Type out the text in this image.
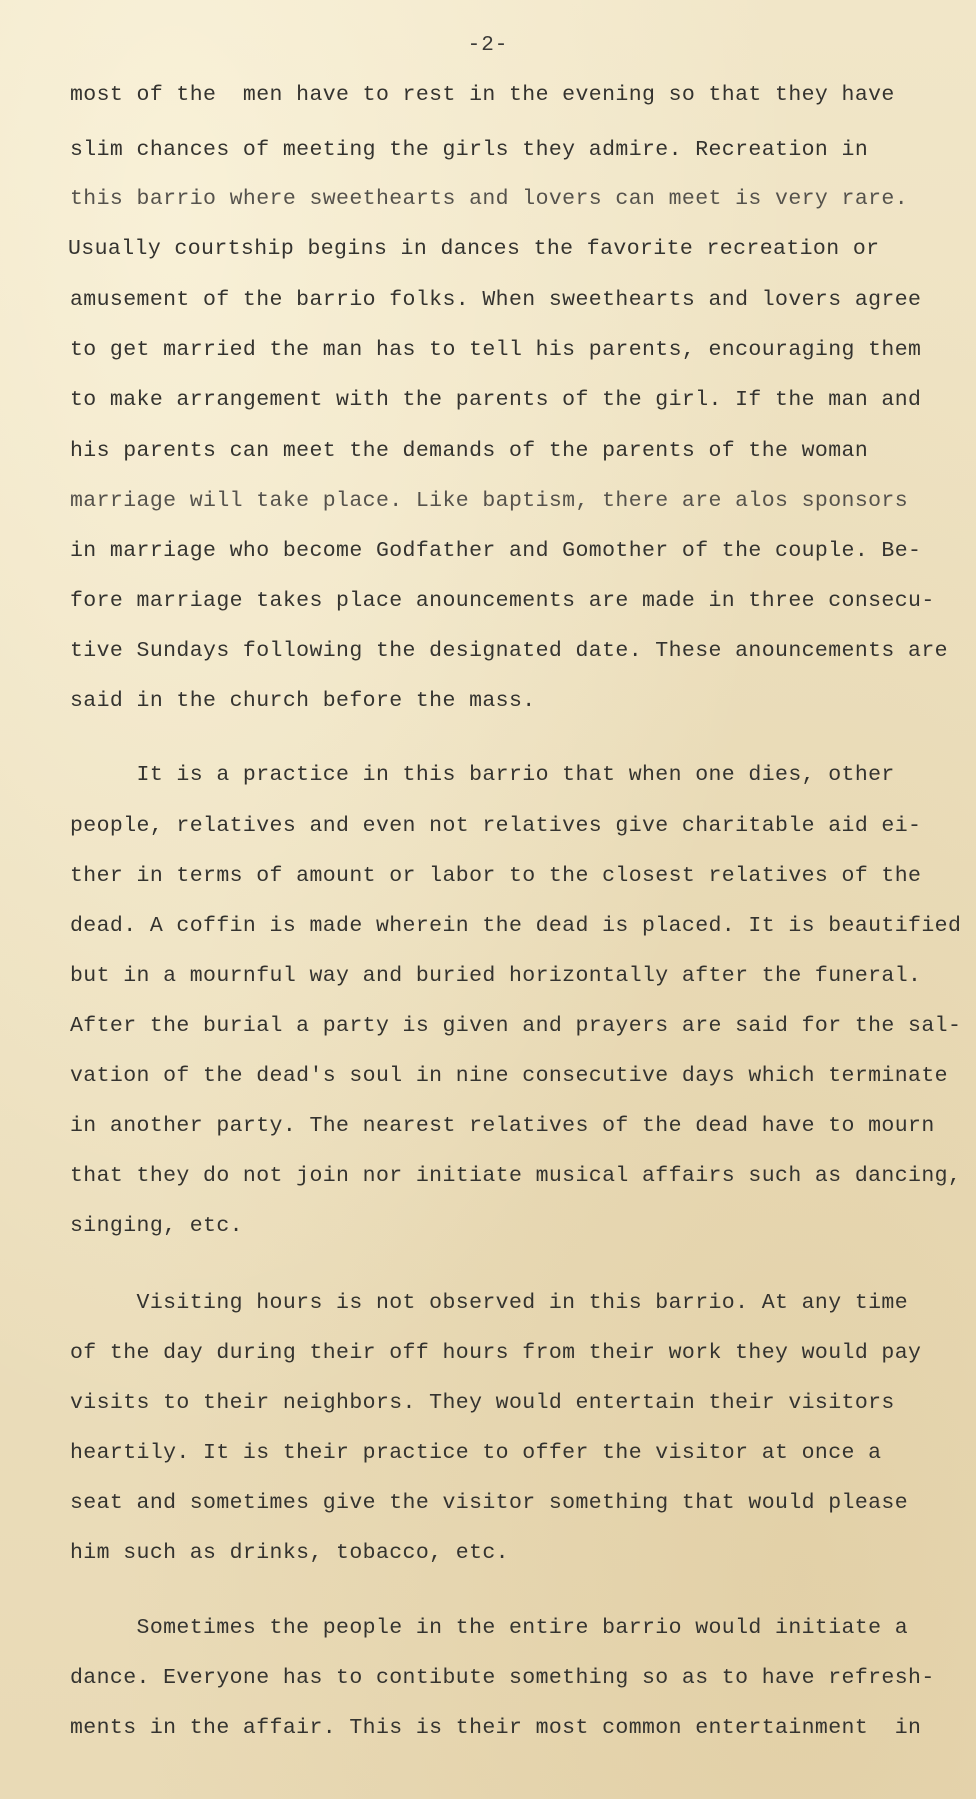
-2-
most of the  men have to rest in the evening so that they have
slim chances of meeting the girls they admire. Recreation in
this barrio where sweethearts and lovers can meet is very rare.
Usually courtship begins in dances the favorite recreation or
amusement of the barrio folks. When sweethearts and lovers agree
to get married the man has to tell his parents, encouraging them
to make arrangement with the parents of the girl. If the man and
his parents can meet the demands of the parents of the woman
marriage will take place. Like baptism, there are alos sponsors
in marriage who become Godfather and Gomother of the couple. Be-
fore marriage takes place anouncements are made in three consecu-
tive Sundays following the designated date. These anouncements are
said in the church before the mass.
It is a practice in this barrio that when one dies, other
people, relatives and even not relatives give charitable aid ei-
ther in terms of amount or labor to the closest relatives of the
dead. A coffin is made wherein the dead is placed. It is beautified
but in a mournful way and buried horizontally after the funeral.
After the burial a party is given and prayers are said for the sal-
vation of the dead's soul in nine consecutive days which terminate
in another party. The nearest relatives of the dead have to mourn
that they do not join nor initiate musical affairs such as dancing,
singing, etc.
Visiting hours is not observed in this barrio. At any time
of the day during their off hours from their work they would pay
visits to their neighbors. They would entertain their visitors
heartily. It is their practice to offer the visitor at once a
seat and sometimes give the visitor something that would please
him such as drinks, tobacco, etc.
Sometimes the people in the entire barrio would initiate a
dance. Everyone has to contibute something so as to have refresh-
ments in the affair. This is their most common entertainment  in
